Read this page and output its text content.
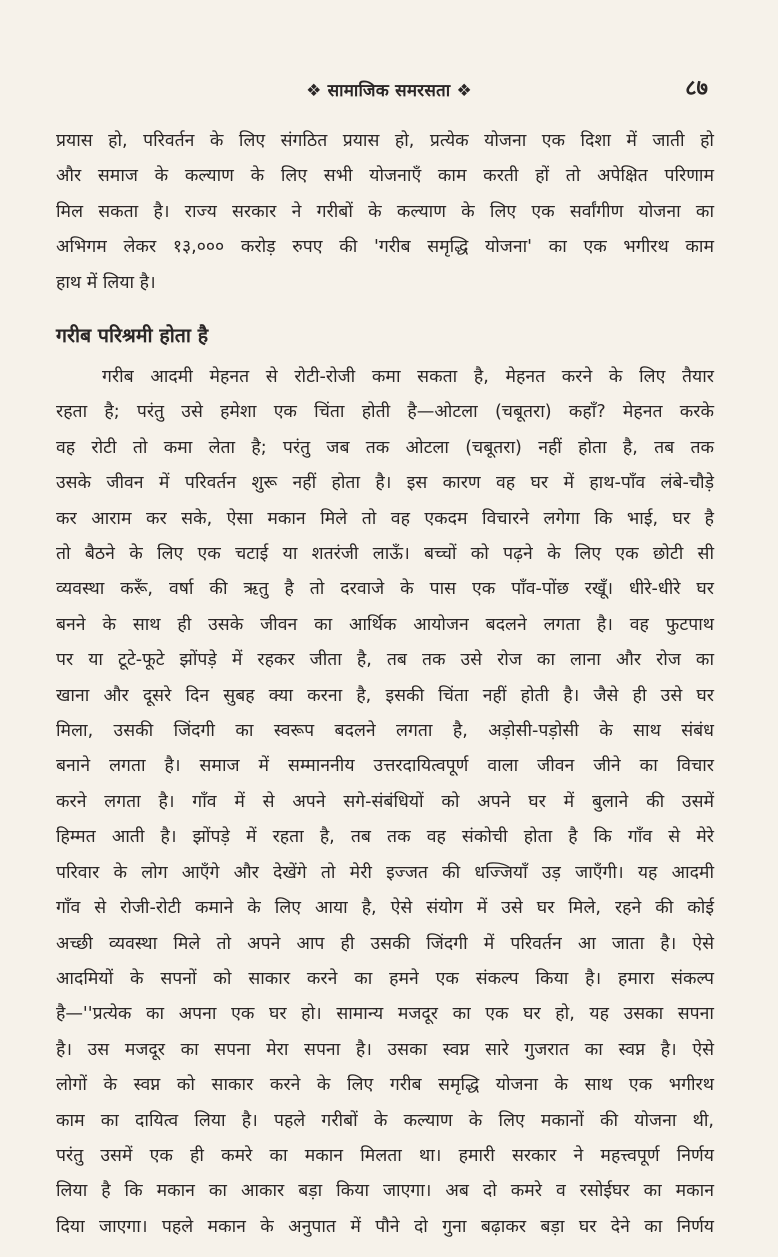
❖ सामाजिक समरसता ❖	८७
प्रयास हो, परिवर्तन के लिए संगठित प्रयास हो, प्रत्येक योजना एक दिशा में जाती हो
और समाज के कल्याण के लिए सभी योजनाएँ काम करती हों तो अपेक्षित परिणाम
मिल सकता है। राज्य सरकार ने गरीबों के कल्याण के लिए एक सर्वांगीण योजना का
अभिगम लेकर १३,००० करोड़ रुपए की 'गरीब समृद्धि योजना' का एक भगीरथ काम
हाथ में लिया है।
गरीब परिश्रमी होता है
गरीब आदमी मेहनत से रोटी-रोजी कमा सकता है, मेहनत करने के लिए तैयार
रहता है; परंतु उसे हमेशा एक चिंता होती है—ओटला (चबूतरा) कहाँ? मेहनत करके
वह रोटी तो कमा लेता है; परंतु जब तक ओटला (चबूतरा) नहीं होता है, तब तक
उसके जीवन में परिवर्तन शुरू नहीं होता है। इस कारण वह घर में हाथ-पाँव लंबे-चौड़े
कर आराम कर सके, ऐसा मकान मिले तो वह एकदम विचारने लगेगा कि भाई, घर है
तो बैठने के लिए एक चटाई या शतरंजी लाऊँ। बच्चों को पढ़ने के लिए एक छोटी सी
व्यवस्था करूँ, वर्षा की ऋतु है तो दरवाजे के पास एक पाँव-पोंछ रखूँ। धीरे-धीरे घर
बनने के साथ ही उसके जीवन का आर्थिक आयोजन बदलने लगता है। वह फुटपाथ
पर या टूटे-फूटे झोंपड़े में रहकर जीता है, तब तक उसे रोज का लाना और रोज का
खाना और दूसरे दिन सुबह क्या करना है, इसकी चिंता नहीं होती है। जैसे ही उसे घर
मिला, उसकी जिंदगी का स्वरूप बदलने लगता है, अड़ोसी-पड़ोसी के साथ संबंध
बनाने लगता है। समाज में सम्माननीय उत्तरदायित्वपूर्ण वाला जीवन जीने का विचार
करने लगता है। गाँव में से अपने सगे-संबंधियों को अपने घर में बुलाने की उसमें
हिम्मत आती है। झोंपड़े में रहता है, तब तक वह संकोची होता है कि गाँव से मेरे
परिवार के लोग आएँगे और देखेंगे तो मेरी इज्जत की धज्जियाँ उड़ जाएँगी। यह आदमी
गाँव से रोजी-रोटी कमाने के लिए आया है, ऐसे संयोग में उसे घर मिले, रहने की कोई
अच्छी व्यवस्था मिले तो अपने आप ही उसकी जिंदगी में परिवर्तन आ जाता है। ऐसे
आदमियों के सपनों को साकार करने का हमने एक संकल्प किया है। हमारा संकल्प
है—''प्रत्येक का अपना एक घर हो। सामान्य मजदूर का एक घर हो, यह उसका सपना
है। उस मजदूर का सपना मेरा सपना है। उसका स्वप्न सारे गुजरात का स्वप्न है। ऐसे
लोगों के स्वप्न को साकार करने के लिए गरीब समृद्धि योजना के साथ एक भगीरथ
काम का दायित्व लिया है। पहले गरीबों के कल्याण के लिए मकानों की योजना थी,
परंतु उसमें एक ही कमरे का मकान मिलता था। हमारी सरकार ने महत्त्वपूर्ण निर्णय
लिया है कि मकान का आकार बड़ा किया जाएगा। अब दो कमरे व रसोईघर का मकान
दिया जाएगा। पहले मकान के अनुपात में पौने दो गुना बढ़ाकर बड़ा घर देने का निर्णय
